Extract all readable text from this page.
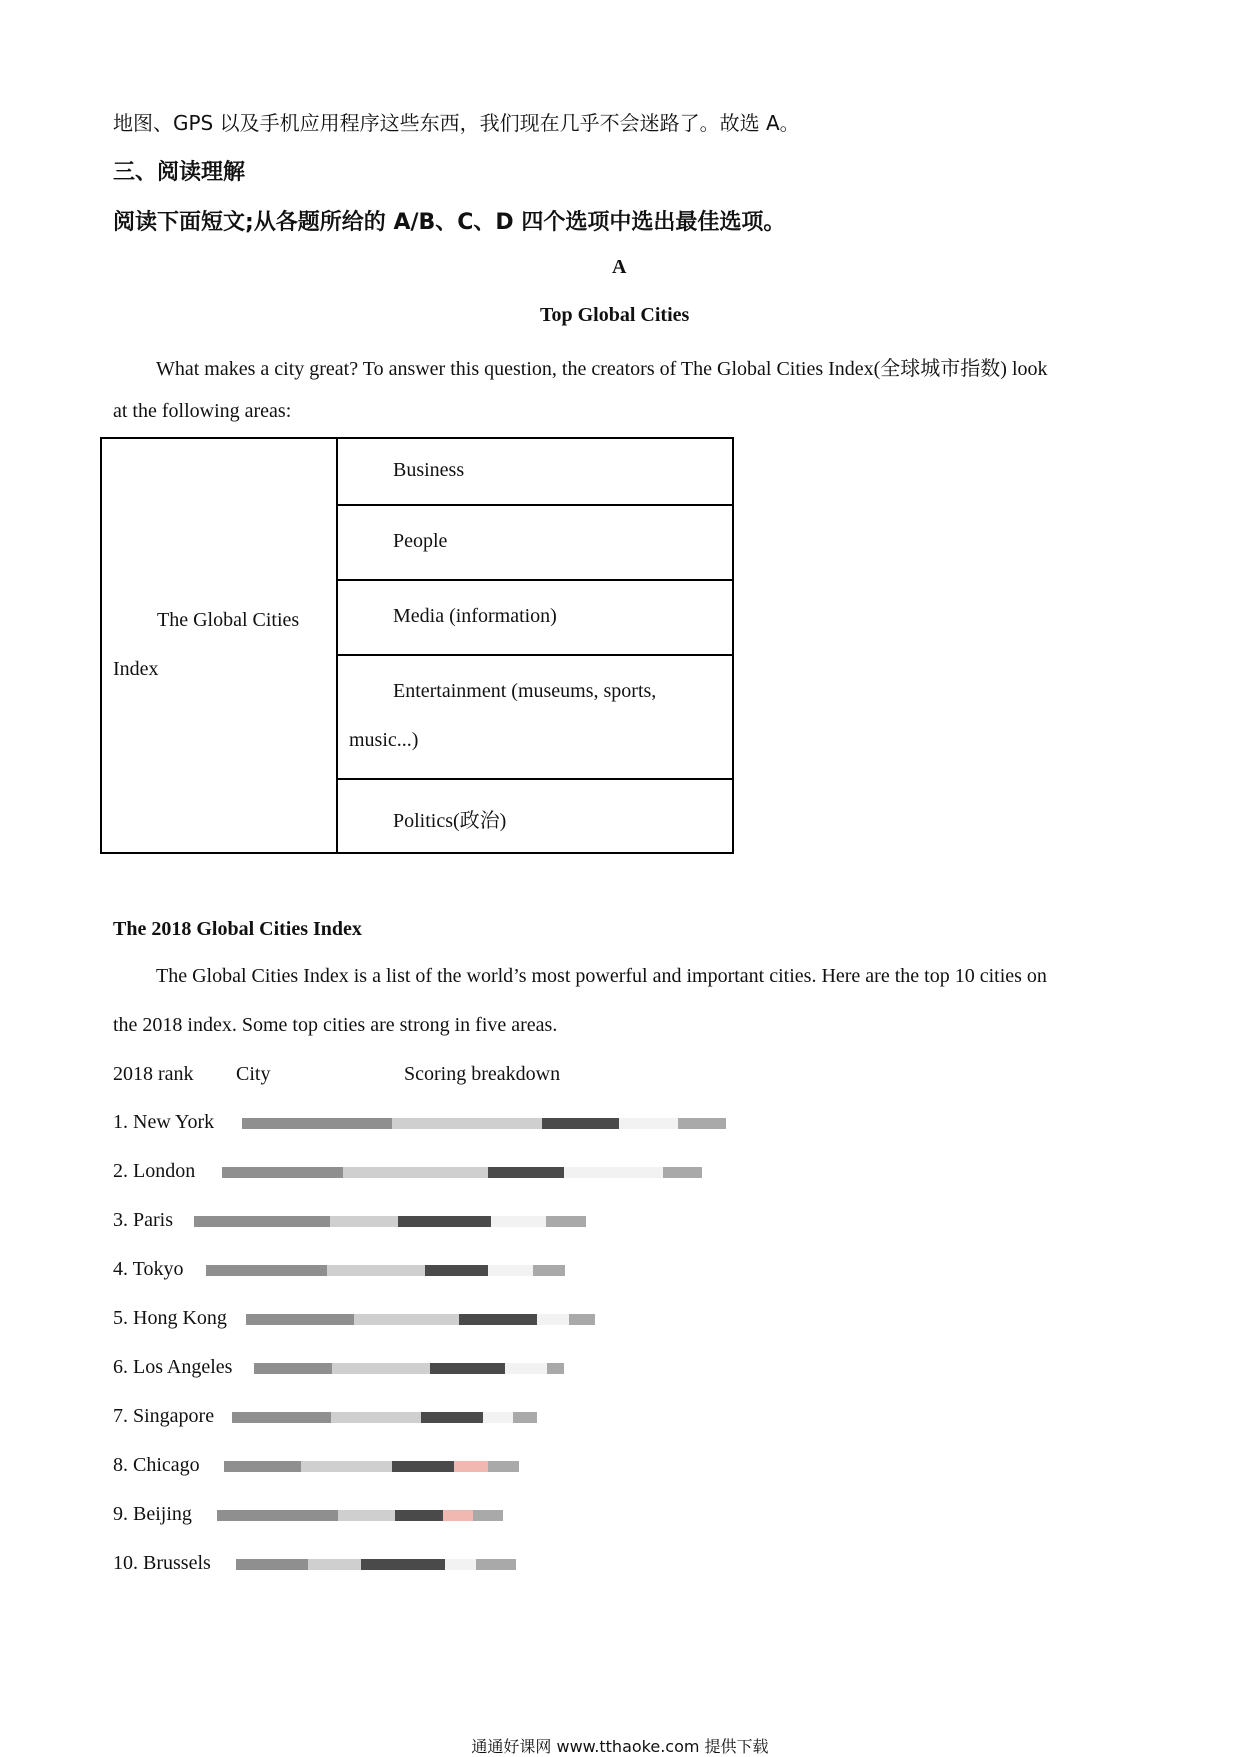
地图、GPS 以及手机应用程序这些东西，我们现在几乎不会迷路了。故选 A。
三、阅读理解
阅读下面短文;从各题所给的 A/B、C、D 四个选项中选出最佳选项。
A
Top Global Cities
What makes a city great? To answer this question, the creators of The Global Cities Index(全球城市指数) look
at the following areas:
The Global Cities
Index
Business
People
Media (information)
Entertainment (museums, sports,
music...)
Politics(政治)
The 2018 Global Cities Index
The Global Cities Index is a list of the world’s most powerful and important cities. Here are the top 10 cities on
the 2018 index. Some top cities are strong in five areas.
2018 rank City	Scoring breakdown
1. New York
2. London
3. Paris
4. Tokyo
5. Hong Kong
6. Los Angeles
7. Singapore
8. Chicago
9. Beijing
10. Brussels
通通好课网 www.tthaoke.com 提供下载
